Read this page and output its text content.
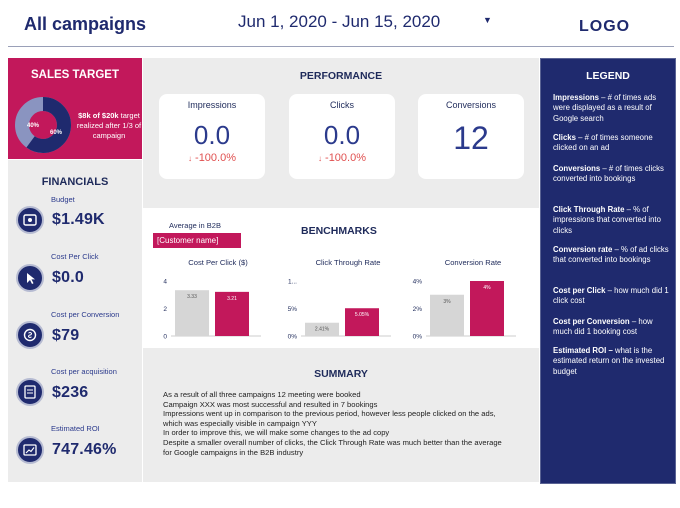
All campaigns	Jun 1, 2020 - Jun 15, 2020	▼	LOGO
SALES TARGET
40%
60%
$8k of $20k target realized after 1/3 of campaign
FINANCIALS
Budget
$1.49K
Cost Per Click
$0.0
Cost per Conversion
$79
Cost per acquisition
$236
Estimated ROI
747.46%
PERFORMANCE
Impressions
0.0
↓ -100.0%
Clicks
0.0
↓ -100.0%
Conversions
12
Average in B2B
[Customer name]
BENCHMARKS
Cost Per Click ($)
0
2
4
3.33	3.21
Click Through Rate
0%
5%
1...
2.41%
5.05%
Conversion Rate
0%
2%
4%
3%
4%
SUMMARY
As a result of all three campaigns 12 meeting were booked
Campaign XXX was most successful and resulted in 7 bookings
Impressions went up in comparison to the previous period, however less people clicked on the ads,
which was especially visible in campaign YYY
In order to improve this, we will make some changes to the ad copy
Despite a smaller overall number of clicks, the Click Through Rate was much better than the average
for Google campaigns in the B2B industry
LEGEND
Impressions – # of times ads were displayed as a result of Google search
Clicks – # of times someone clicked on an ad
Conversions – # of times clicks converted into bookings
Click Through Rate – % of impressions that converted into clicks
Conversion rate – % of ad clicks that converted into bookings
Cost per Click – how much did 1 click cost
Cost per Conversion – how much did 1 booking cost
Estimated ROI – what is the estimated return on the invested budget
